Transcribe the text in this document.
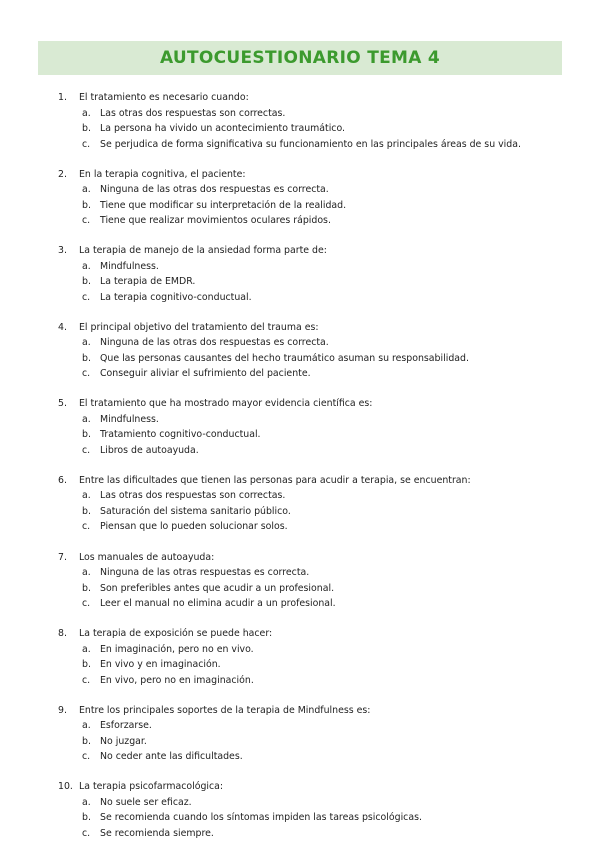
AUTOCUESTIONARIO TEMA 4
1.	El tratamiento es necesario cuando:
a. Las otras dos respuestas son correctas.
b. La persona ha vivido un acontecimiento traumático.
c.	Se perjudica de forma significativa su funcionamiento en las principales áreas de su vida.
2.	En la terapia cognitiva, el paciente:
a. Ninguna de las otras dos respuestas es correcta.
b. Tiene que modificar su interpretación de la realidad.
c.	Tiene que realizar movimientos oculares rápidos.
3.	La terapia de manejo de la ansiedad forma parte de:
a. Mindfulness.
b. La terapia de EMDR.
c.	La terapia cognitivo-conductual.
4.	El principal objetivo del tratamiento del trauma es:
a. Ninguna de las otras dos respuestas es correcta.
b. Que las personas causantes del hecho traumático asuman su responsabilidad.
c.	Conseguir aliviar el sufrimiento del paciente.
5.	El tratamiento que ha mostrado mayor evidencia científica es:
a. Mindfulness.
b. Tratamiento cognitivo-conductual.
c.	Libros de autoayuda.
6.	Entre las dificultades que tienen las personas para acudir a terapia, se encuentran:
a. Las otras dos respuestas son correctas.
b. Saturación del sistema sanitario público.
c.	Piensan que lo pueden solucionar solos.
7.	Los manuales de autoayuda:
a. Ninguna de las otras respuestas es correcta.
b. Son preferibles antes que acudir a un profesional.
c.	Leer el manual no elimina acudir a un profesional.
8.	La terapia de exposición se puede hacer:
a. En imaginación, pero no en vivo.
b. En vivo y en imaginación.
c.	En vivo, pero no en imaginación.
9.	Entre los principales soportes de la terapia de Mindfulness es:
a. Esforzarse.
b. No juzgar.
c.	No ceder ante las dificultades.
10. La terapia psicofarmacológica:
a. No suele ser eficaz.
b. Se recomienda cuando los síntomas impiden las tareas psicológicas.
c.	Se recomienda siempre.
